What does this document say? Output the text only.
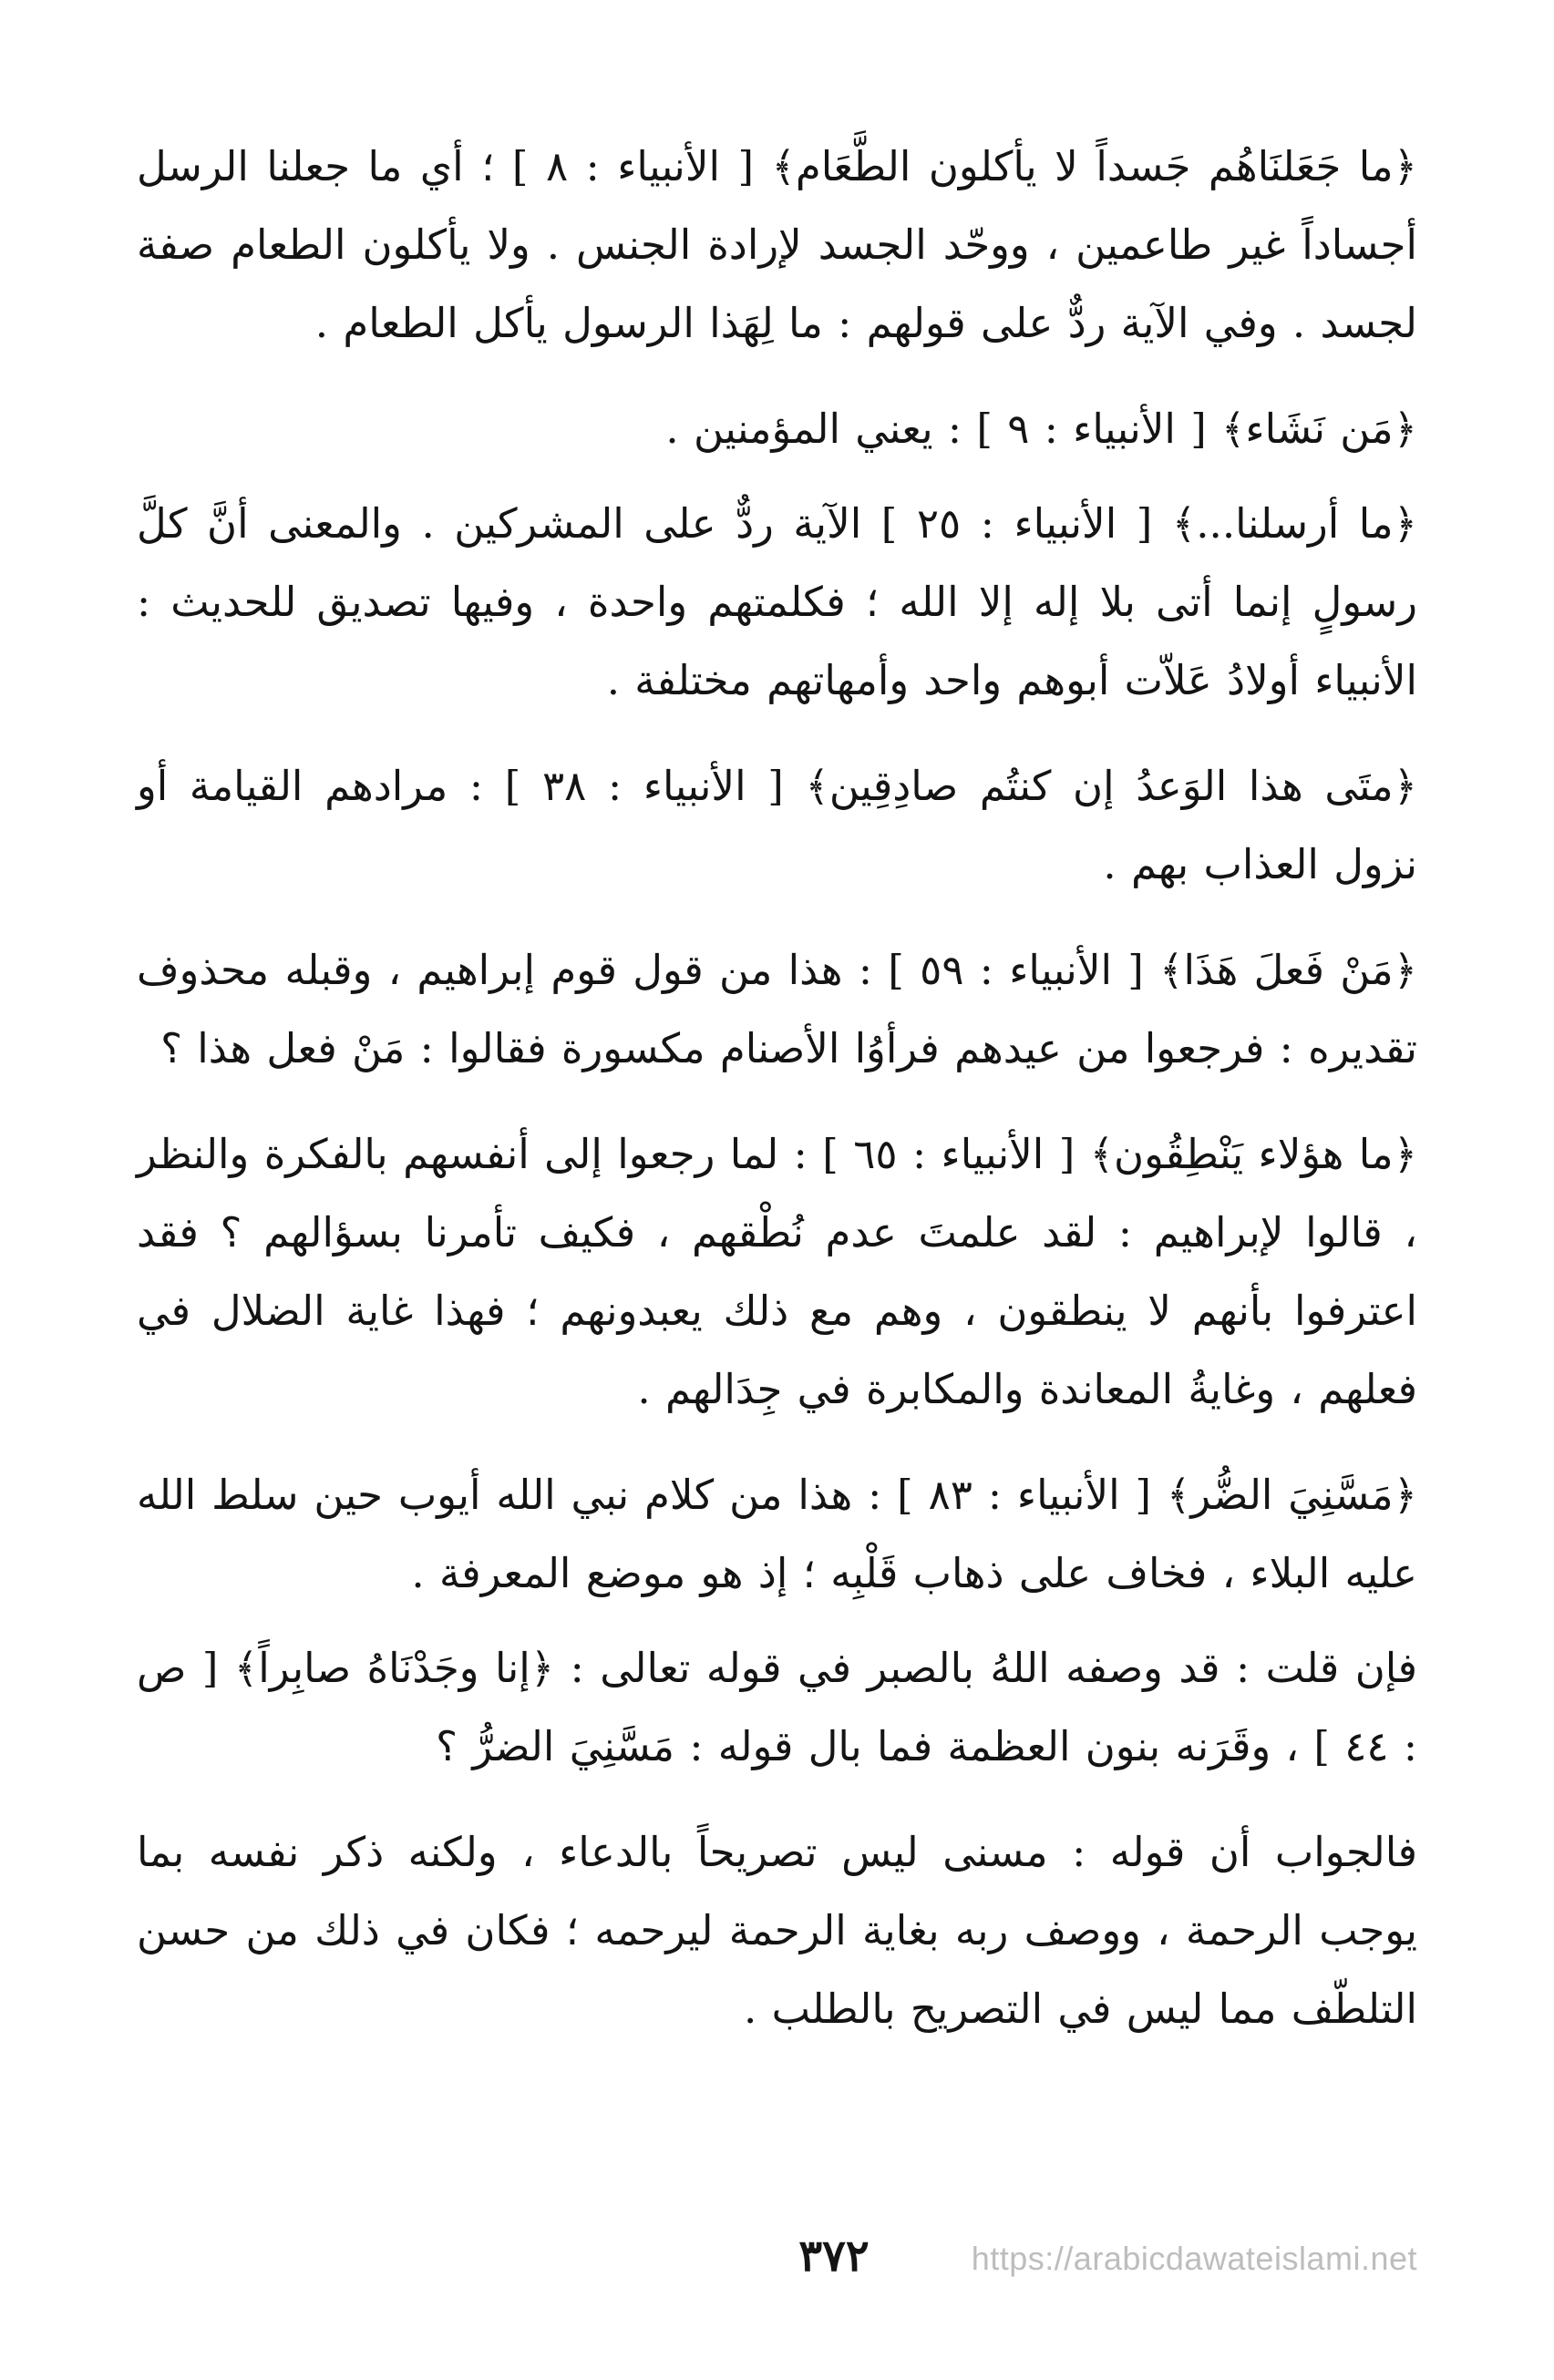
﴿ما جَعَلنَاهُم جَسداً لا يأكلون الطَّعَام﴾ [ الأنبياء : ٨ ] ؛ أي ما جعلنا الرسل أجساداً غير طاعمين ، ووحّد الجسد لإرادة الجنس . ولا يأكلون الطعام صفة لجسد . وفي الآية ردٌّ على قولهم : ما لِهَذا الرسول يأكل الطعام .

﴿مَن نَشَاء﴾ [ الأنبياء : ٩ ] : يعني المؤمنين .

﴿ما أرسلنا...﴾ [ الأنبياء : ٢٥ ] الآية ردٌّ على المشركين . والمعنى أنَّ كلَّ رسولٍ إنما أتى بلا إله إلا الله ؛ فكلمتهم واحدة ، وفيها تصديق للحديث : الأنبياء أولادُ عَلاّت أبوهم واحد وأمهاتهم مختلفة .

﴿متَى هذا الوَعدُ إن كنتُم صادِقِين﴾ [ الأنبياء : ٣٨ ] : مرادهم القيامة أو نزول العذاب بهم .

﴿مَنْ فَعلَ هَذَا﴾ [ الأنبياء : ٥٩ ] : هذا من قول قوم إبراهيم ، وقبله محذوف تقديره : فرجعوا من عيدهم فرأوُا الأصنام مكسورة فقالوا : مَنْ فعل هذا ؟

﴿ما هؤلاء يَنْطِقُون﴾ [ الأنبياء : ٦٥ ] : لما رجعوا إلى أنفسهم بالفكرة والنظر ، قالوا لإبراهيم : لقد علمتَ عدم نُطْقهم ، فكيف تأمرنا بسؤالهم ؟ فقد اعترفوا بأنهم لا ينطقون ، وهم مع ذلك يعبدونهم ؛ فهذا غاية الضلال في فعلهم ، وغايةُ المعاندة والمكابرة في جِدَالهم .

﴿مَسَّنِيَ الضُّر﴾ [ الأنبياء : ٨٣ ] : هذا من كلام نبي الله أيوب حين سلط الله عليه البلاء ، فخاف على ذهاب قَلْبِه ؛ إذ هو موضع المعرفة .

فإن قلت : قد وصفه اللهُ بالصبر في قوله تعالى : ﴿إنا وجَدْنَاهُ صابِراً﴾ [ ص : ٤٤ ] ، وقَرَنه بنون العظمة فما بال قوله : مَسَّنِيَ الضرُّ ؟

فالجواب أن قوله : مسنى ليس تصريحاً بالدعاء ، ولكنه ذكر نفسه بما يوجب الرحمة ، ووصف ربه بغاية الرحمة ليرحمه ؛ فكان في ذلك من حسن التلطّف مما ليس في التصريح بالطلب .

٣٧٢	https://arabicdawateislami.net
